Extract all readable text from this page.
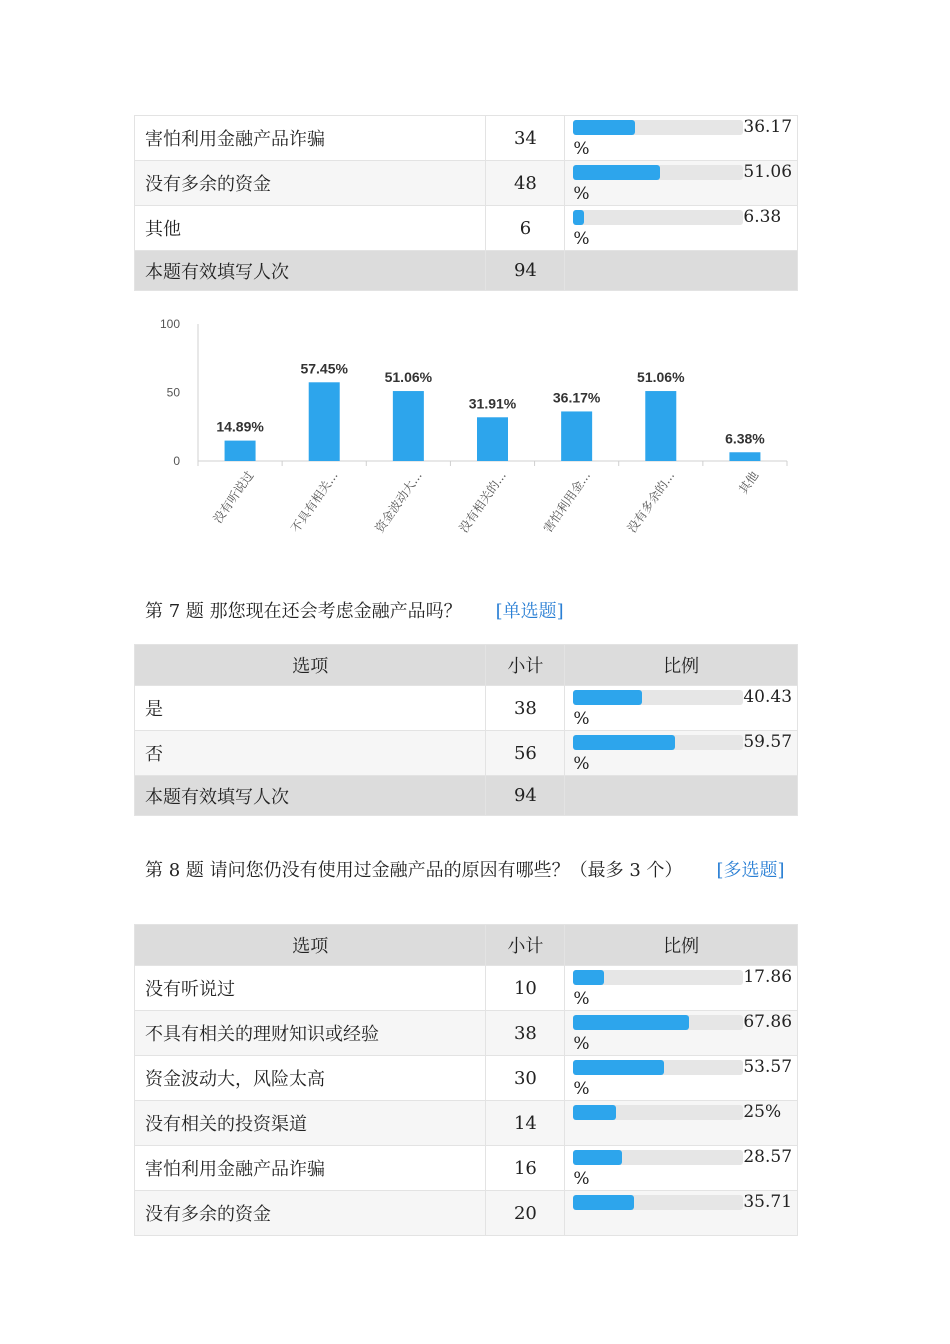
害怕利用金融产品诈骗	34	36.17
%

没有多余的资金	48	51.06
%

其他	6	6.38
%

本题有效填写人次	94	
0
50
100
14.89%
没有听说过
57.45%
不具有相关...
51.06%
资金波动大...
31.91%
没有相关的...
36.17%
害怕利用金...
51.06%
没有多余的...
6.38%
其他
第 7 题 那您现在还会考虑金融产品吗？ [单选题]
选项	小计	比例
是	38	40.43
%

否	56	59.57
%

本题有效填写人次	94	
第 8 题 请问您仍没有使用过金融产品的原因有哪些？（最多 3 个） [多选题]
选项	小计	比例
没有听说过	10	17.86
%

不具有相关的理财知识或经验	38	67.86
%

资金波动大，风险太高	30	53.57
%

没有相关的投资渠道	14	25%

害怕利用金融产品诈骗	16	28.57
%

没有多余的资金	20	35.71
